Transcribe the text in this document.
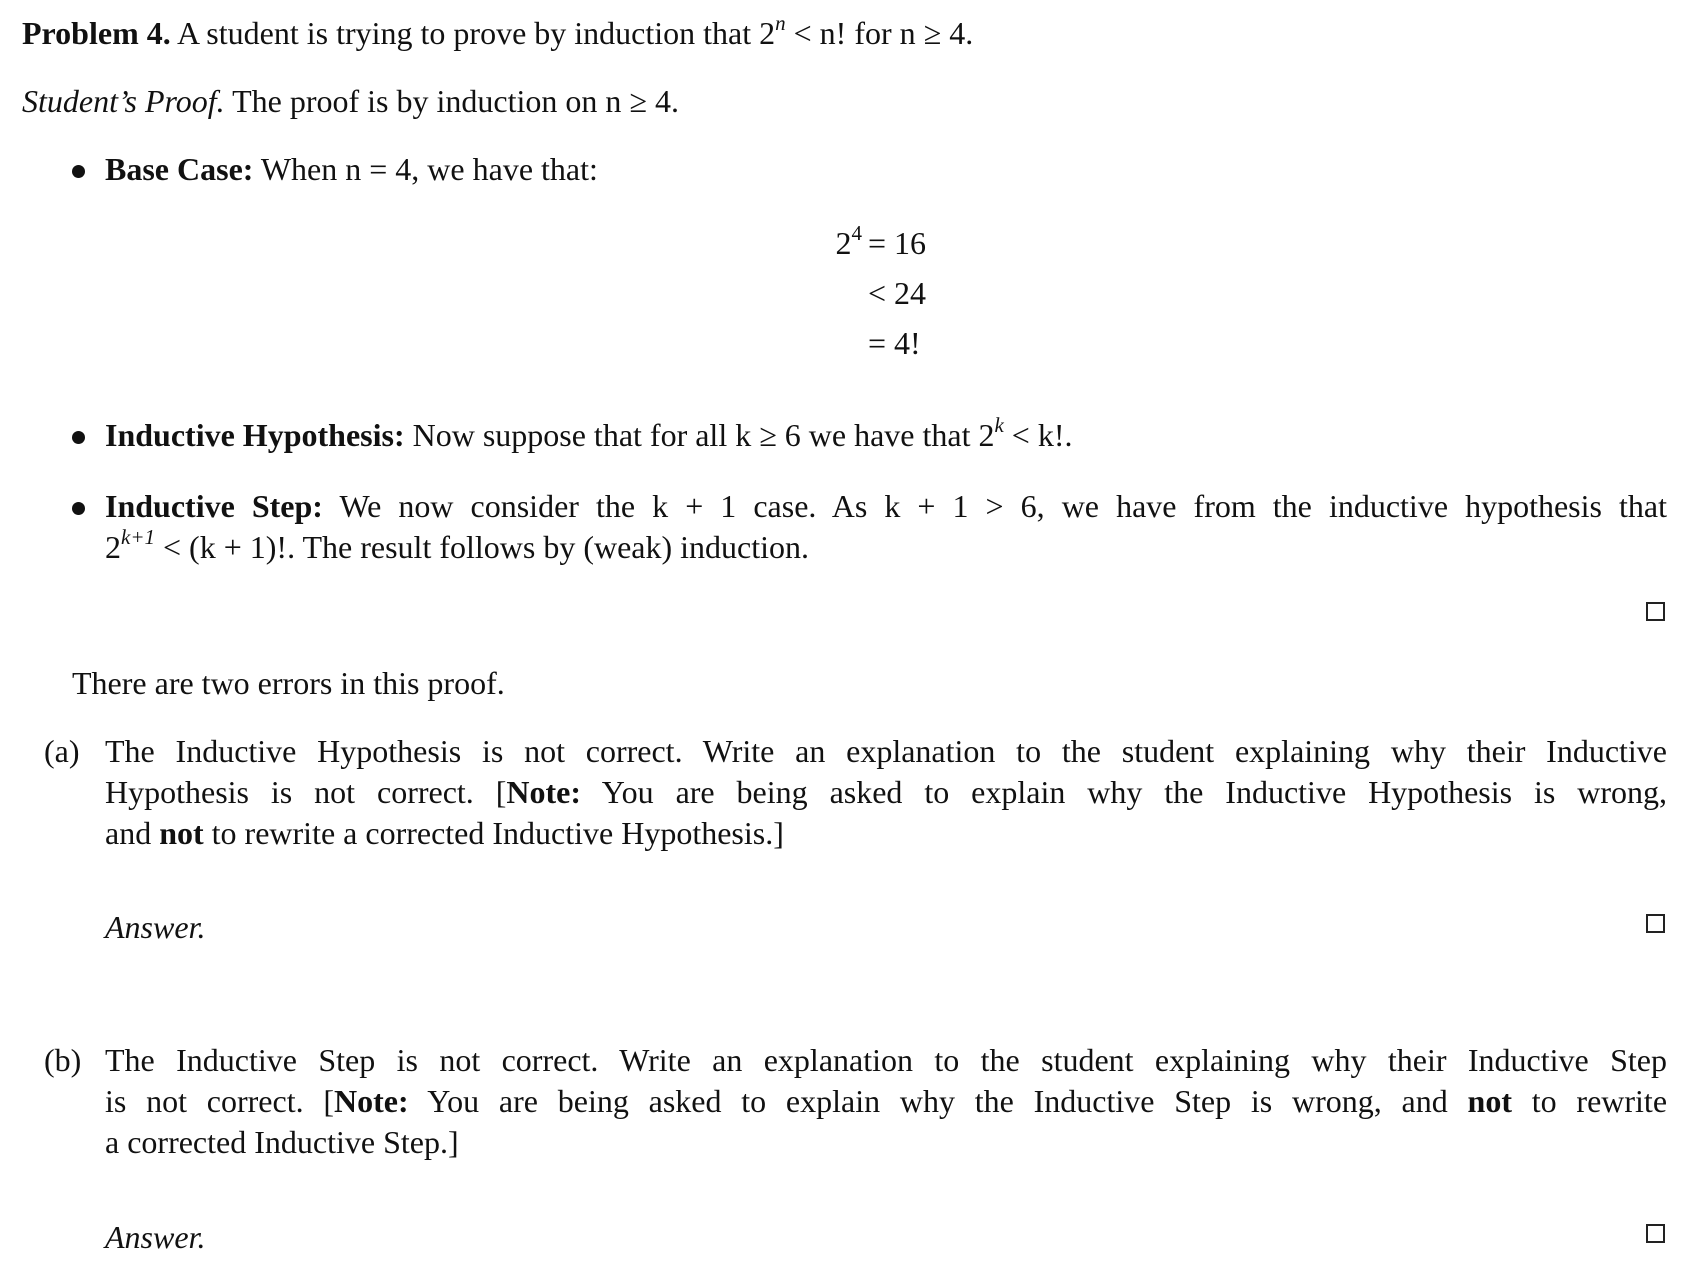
Problem 4. A student is trying to prove by induction that $2^n < n$! for n ≥ 4.
Student’s Proof. The proof is by induction on n ≥ 4.
Base Case: When n = 4, we have that:
$2^4 = 16$
< 24
= 4!
Inductive Hypothesis: Now suppose that for all k ≥ 6 we have that $2^k < k$!.
Inductive Step: We now consider the k + 1 case. As k + 1 > 6, we have from the inductive hypothesis that
$2^{k+1} < (k + 1)$!. The result follows by (weak) induction.
There are two errors in this proof.
(a) The Inductive Hypothesis is not correct. Write an explanation to the student explaining why their Inductive
Hypothesis is not correct. [Note: You are being asked to explain why the Inductive Hypothesis is wrong,
and not to rewrite a corrected Inductive Hypothesis.]
Answer.
(b) The Inductive Step is not correct. Write an explanation to the student explaining why their Inductive Step
is not correct. [Note: You are being asked to explain why the Inductive Step is wrong, and not to rewrite
a corrected Inductive Step.]
Answer.
